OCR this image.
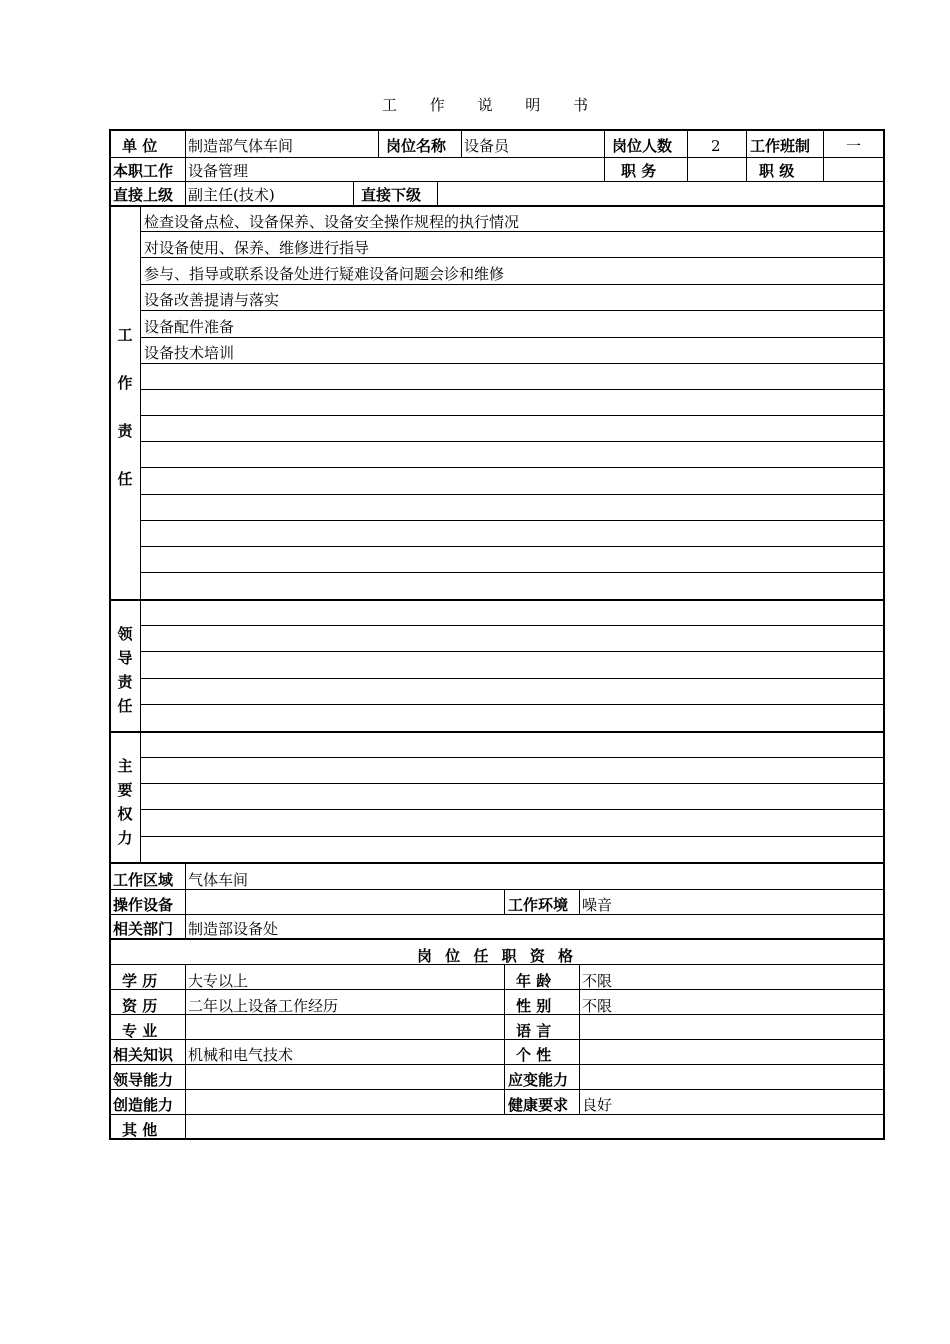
工 作 说 明 书
单 位 制造部气体车间	岗位名称 设备员	岗位人数	2 工作班制 一
本职工作 设备管理	职 务	职 级
直接上级 副主任(技术)	直接下级
工
作
责
任
检查设备点检、设备保养、设备安全操作规程的执行情况
对设备使用、保养、维修进行指导
参与、指导或联系设备处进行疑难设备问题会诊和维修
设备改善提请与落实
设备配件准备
设备技术培训
领
导
责
任
主
要
权
力
工作区域 气体车间
操作设备	工作环境 噪音
相关部门 制造部设备处
岗 位 任 职 资 格
学 历 大专以上	年 龄 不限
资 历 二年以上设备工作经历	性 别 不限
专 业	语 言
相关知识 机械和电气技术	个 性
领导能力	应变能力
创造能力	健康要求 良好
其 他
